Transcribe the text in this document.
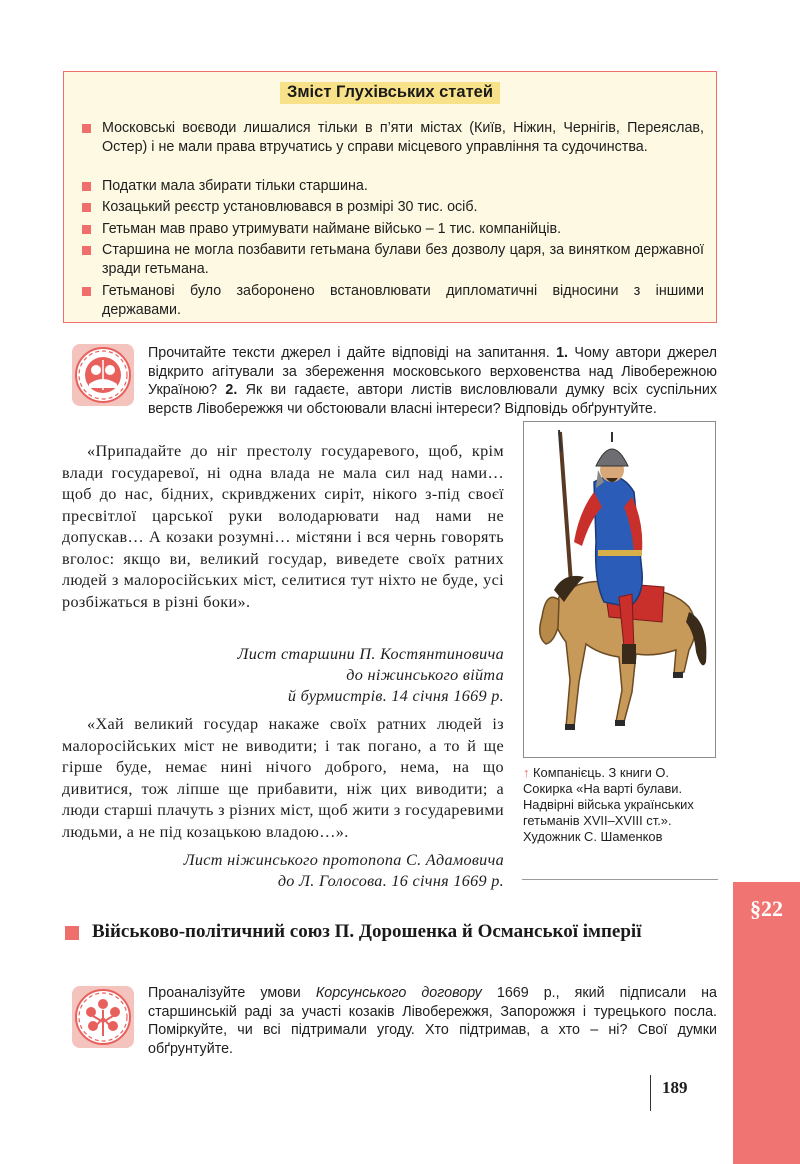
Зміст Глухівських статей
Московські воєводи лишалися тільки в п’яти містах (Київ, Ніжин, Чернігів, Переяслав, Остер) і не мали права втручатись у справи місцевого управління та судочинства.
Податки мала збирати тільки старшина.
Козацький реєстр установлювався в розмірі 30 тис. осіб.
Гетьман мав право утримувати наймане військо – 1 тис. компанійців.
Старшина не могла позбавити гетьмана булави без дозволу царя, за винятком державної зради гетьмана.
Гетьманові було заборонено встановлювати дипломатичні відносини з іншими державами.
Прочитайте тексти джерел і дайте відповіді на запитання. 1. Чому автори джерел відкрито агітували за збереження московського верховенства над Лівобережною Україною? 2. Як ви гадаєте, автори листів висловлювали думку всіх суспільних верств Лівобережжя чи обстоювали власні інтереси? Відповідь обґрунтуйте.

«Припадайте до ніг престолу государевого, щоб, крім влади государевої, ні одна влада не мала сил над нами… щоб до нас, бідних, скривджених сиріт, нікого з-під своєї пресвітлої царської руки володарювати над нами не допускав… А козаки розумні… містяни і вся чернь говорять вголос: якщо ви, великий государ, виведете своїх ратних людей з малоросійських міст, селитися тут ніхто не буде, усі розбіжаться в різні боки».

Лист старшини П. Костянтиновича
до ніжинського війта
й бурмистрів. 14 січня 1669 р.

«Хай великий государ накаже своїх ратних людей із малоросійських міст не виводити; і так погано, а то й ще гірше буде, немає нині нічого доброго, нема, на що дивитися, тож ліпше ще прибавити, ніж цих виводити; а люди старші плачуть з різних міст, щоб жити з государевими людьми, а не під козацькою владою…».

Лист ніжинського протопопа С. Адамовича
до Л. Голосова. 16 січня 1669 р.
↑ Компанієць. З книги О. Сокирка «На варті булави. Надвірні війська українських гетьманів XVII–XVIII ст.». Художник С. Шаменков
§22
Військово-політичний союз П. Дорошенка й Османської імперії
Проаналізуйте умови Корсунського договору 1669 р., який підписали на старшинській раді за участі козаків Лівобережжя, Запорожжя і турецького посла. Поміркуйте, чи всі підтримали угоду. Хто підтримав, а хто – ні? Свої думки обґрунтуйте.
189
